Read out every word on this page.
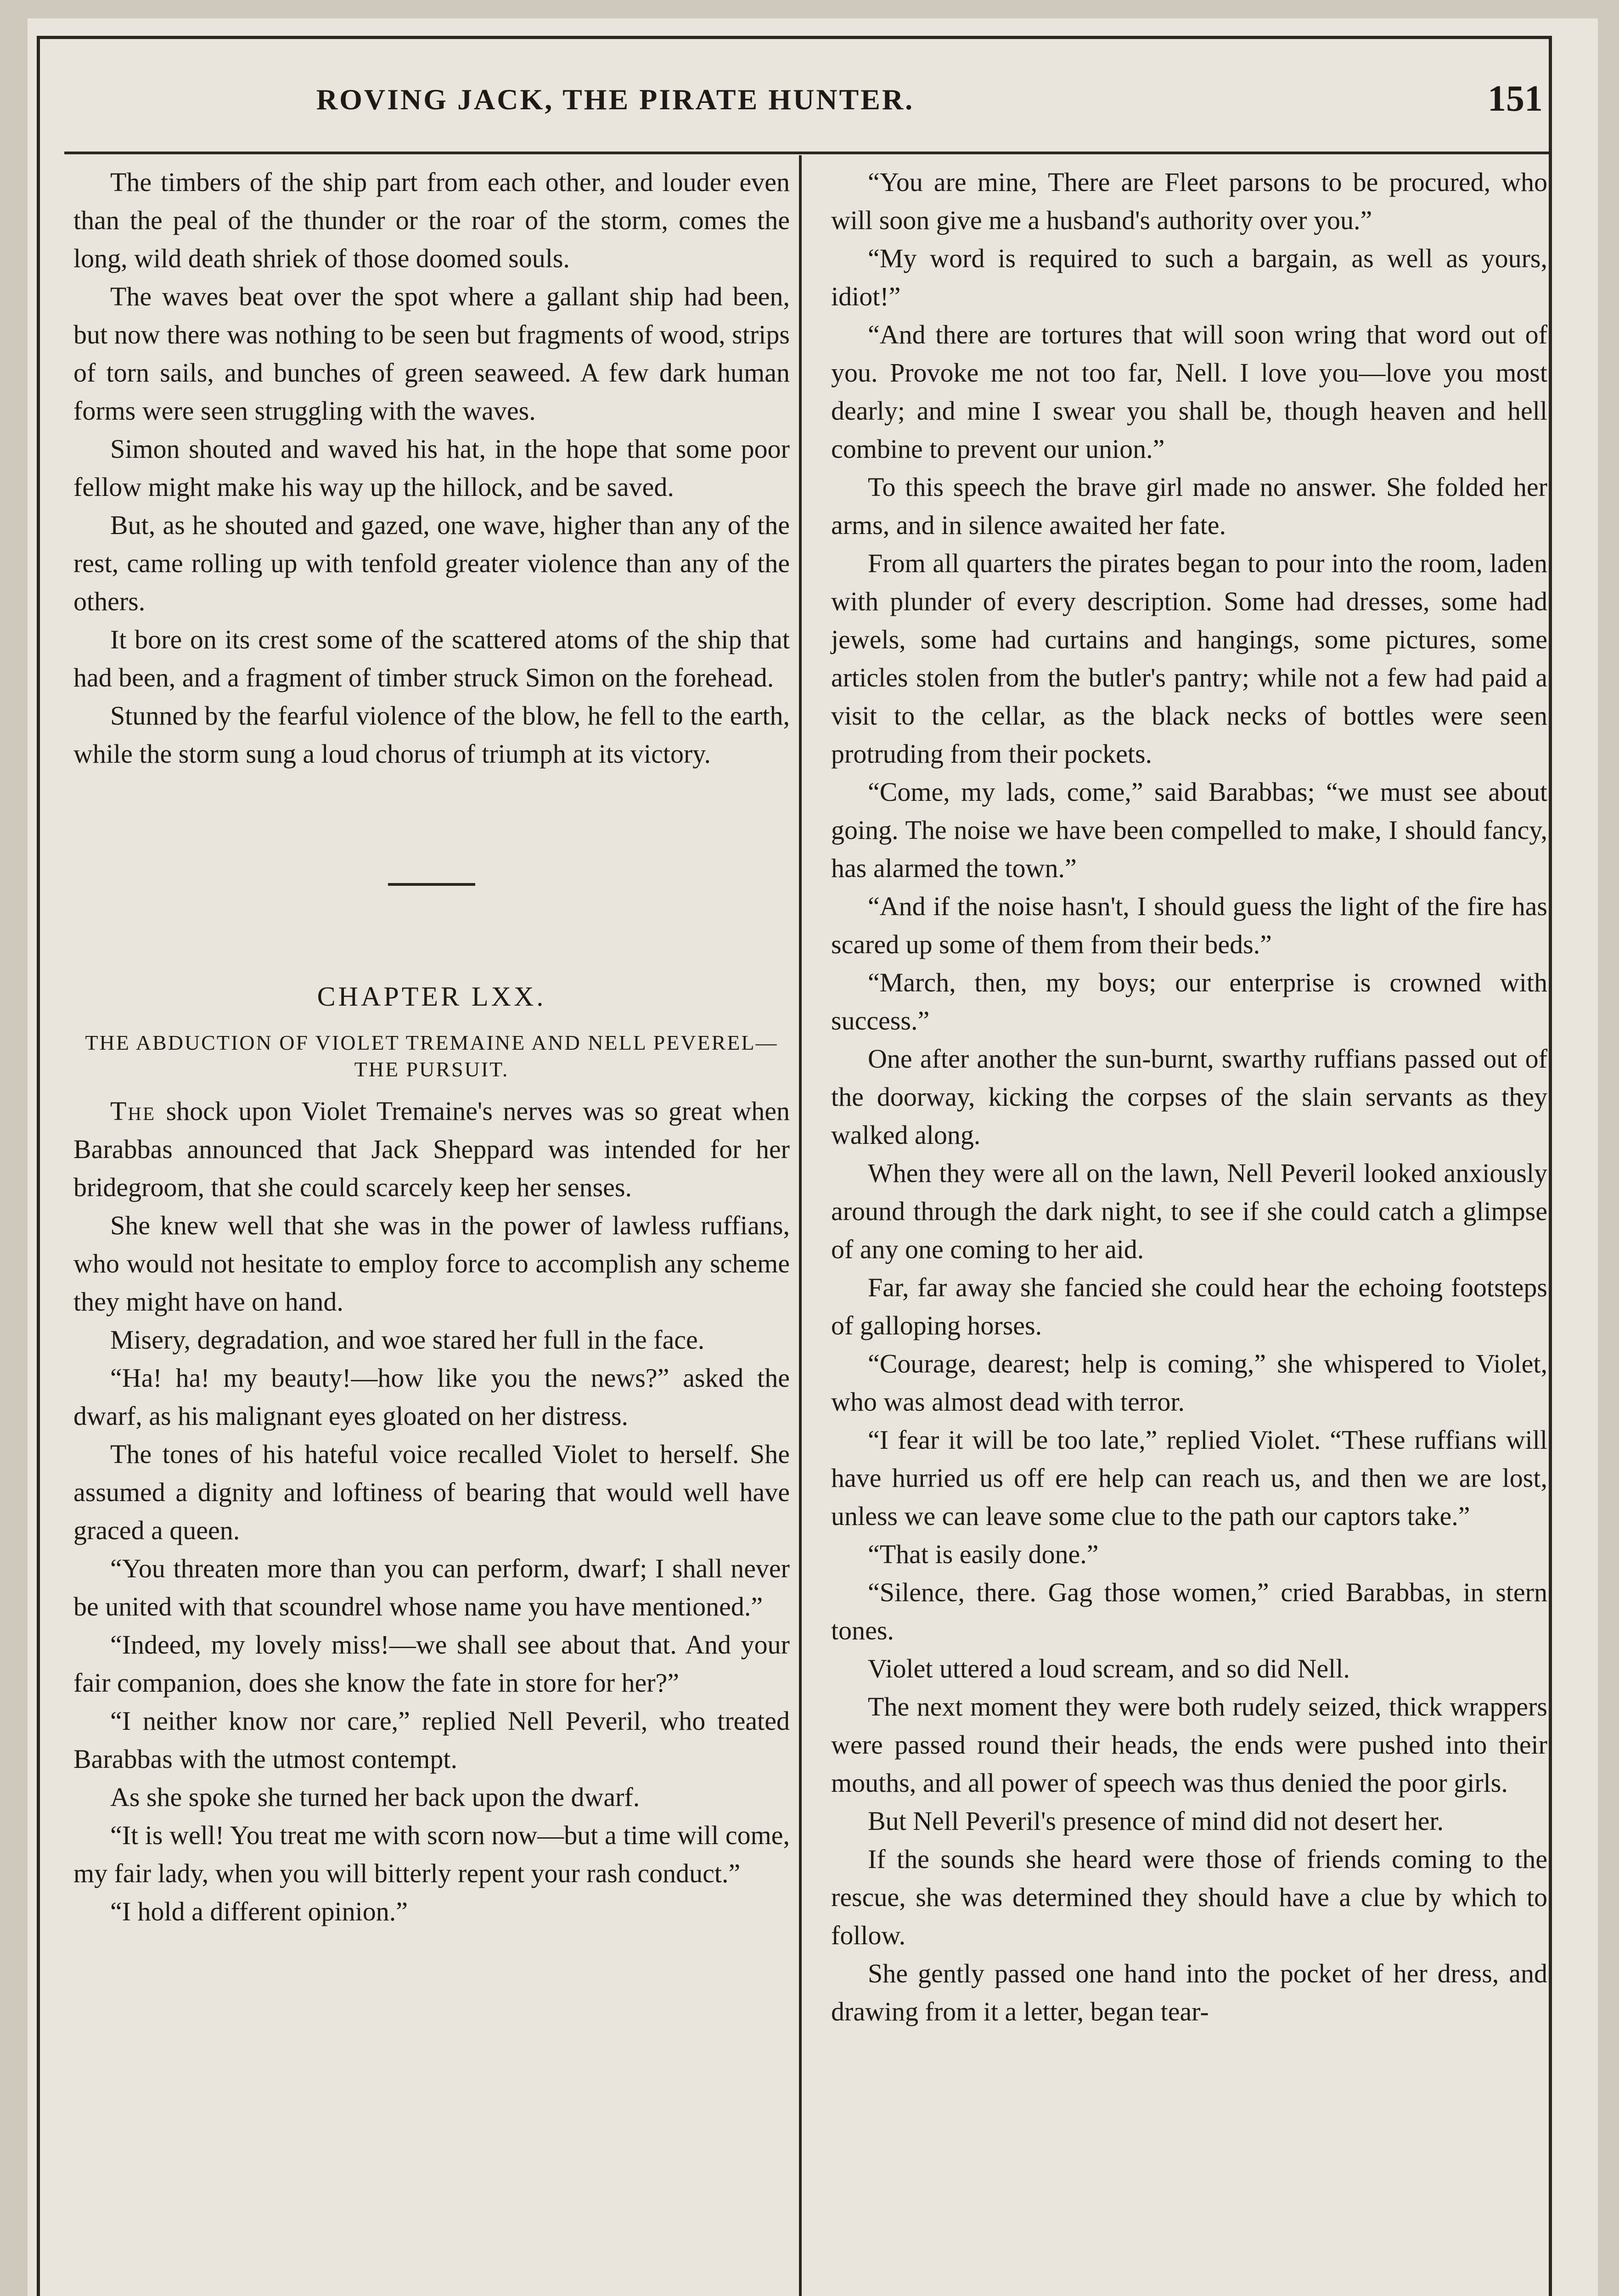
ROVING JACK, THE PIRATE HUNTER.	151

The timbers of the ship part from each other, and louder even than the peal of the thunder or the roar of the storm, comes the long, wild death shriek of those doomed souls.

The waves beat over the spot where a gallant ship had been, but now there was nothing to be seen but fragments of wood, strips of torn sails, and bunches of green seaweed. A few dark human forms were seen struggling with the waves.

Simon shouted and waved his hat, in the hope that some poor fellow might make his way up the hillock, and be saved.

But, as he shouted and gazed, one wave, higher than any of the rest, came rolling up with tenfold greater violence than any of the others.

It bore on its crest some of the scattered atoms of the ship that had been, and a fragment of timber struck Simon on the forehead.

Stunned by the fearful violence of the blow, he fell to the earth, while the storm sung a loud chorus of triumph at its victory.

CHAPTER LXX.
THE ABDUCTION OF VIOLET TREMAINE AND NELL PEVEREL—THE PURSUIT.

The shock upon Violet Tremaine's nerves was so great when Barabbas announced that Jack Sheppard was intended for her bridegroom, that she could scarcely keep her senses.

She knew well that she was in the power of lawless ruffians, who would not hesitate to employ force to accomplish any scheme they might have on hand.

Misery, degradation, and woe stared her full in the face.

“Ha! ha! my beauty!—how like you the news?” asked the dwarf, as his malignant eyes gloated on her distress.

The tones of his hateful voice recalled Violet to herself. She assumed a dignity and loftiness of bearing that would well have graced a queen.

“You threaten more than you can perform, dwarf; I shall never be united with that scoundrel whose name you have mentioned.”

“Indeed, my lovely miss!—we shall see about that. And your fair companion, does she know the fate in store for her?”

“I neither know nor care,” replied Nell Peveril, who treated Barabbas with the utmost contempt.

As she spoke she turned her back upon the dwarf.

“It is well! You treat me with scorn now—but a time will come, my fair lady, when you will bitterly repent your rash conduct.”

“I hold a different opinion.”

“You are mine, There are Fleet parsons to be procured, who will soon give me a husband's authority over you.”

“My word is required to such a bargain, as well as yours, idiot!”

“And there are tortures that will soon wring that word out of you. Provoke me not too far, Nell. I love you—love you most dearly; and mine I swear you shall be, though heaven and hell combine to prevent our union.”

To this speech the brave girl made no answer. She folded her arms, and in silence awaited her fate.

From all quarters the pirates began to pour into the room, laden with plunder of every description. Some had dresses, some had jewels, some had curtains and hangings, some pictures, some articles stolen from the butler's pantry; while not a few had paid a visit to the cellar, as the black necks of bottles were seen protruding from their pockets.

“Come, my lads, come,” said Barabbas; “we must see about going. The noise we have been compelled to make, I should fancy, has alarmed the town.”

“And if the noise hasn't, I should guess the light of the fire has scared up some of them from their beds.”

“March, then, my boys; our enterprise is crowned with success.”

One after another the sun-burnt, swarthy ruffians passed out of the doorway, kicking the corpses of the slain servants as they walked along.

When they were all on the lawn, Nell Peveril looked anxiously around through the dark night, to see if she could catch a glimpse of any one coming to her aid.

Far, far away she fancied she could hear the echoing footsteps of galloping horses.

“Courage, dearest; help is coming,” she whispered to Violet, who was almost dead with terror.

“I fear it will be too late,” replied Violet. “These ruffians will have hurried us off ere help can reach us, and then we are lost, unless we can leave some clue to the path our captors take.”

“That is easily done.”

“Silence, there. Gag those women,” cried Barabbas, in stern tones.

Violet uttered a loud scream, and so did Nell.

The next moment they were both rudely seized, thick wrappers were passed round their heads, the ends were pushed into their mouths, and all power of speech was thus denied the poor girls.

But Nell Peveril's presence of mind did not desert her.

If the sounds she heard were those of friends coming to the rescue, she was determined they should have a clue by which to follow.

She gently passed one hand into the pocket of her dress, and drawing from it a letter, began tear-
